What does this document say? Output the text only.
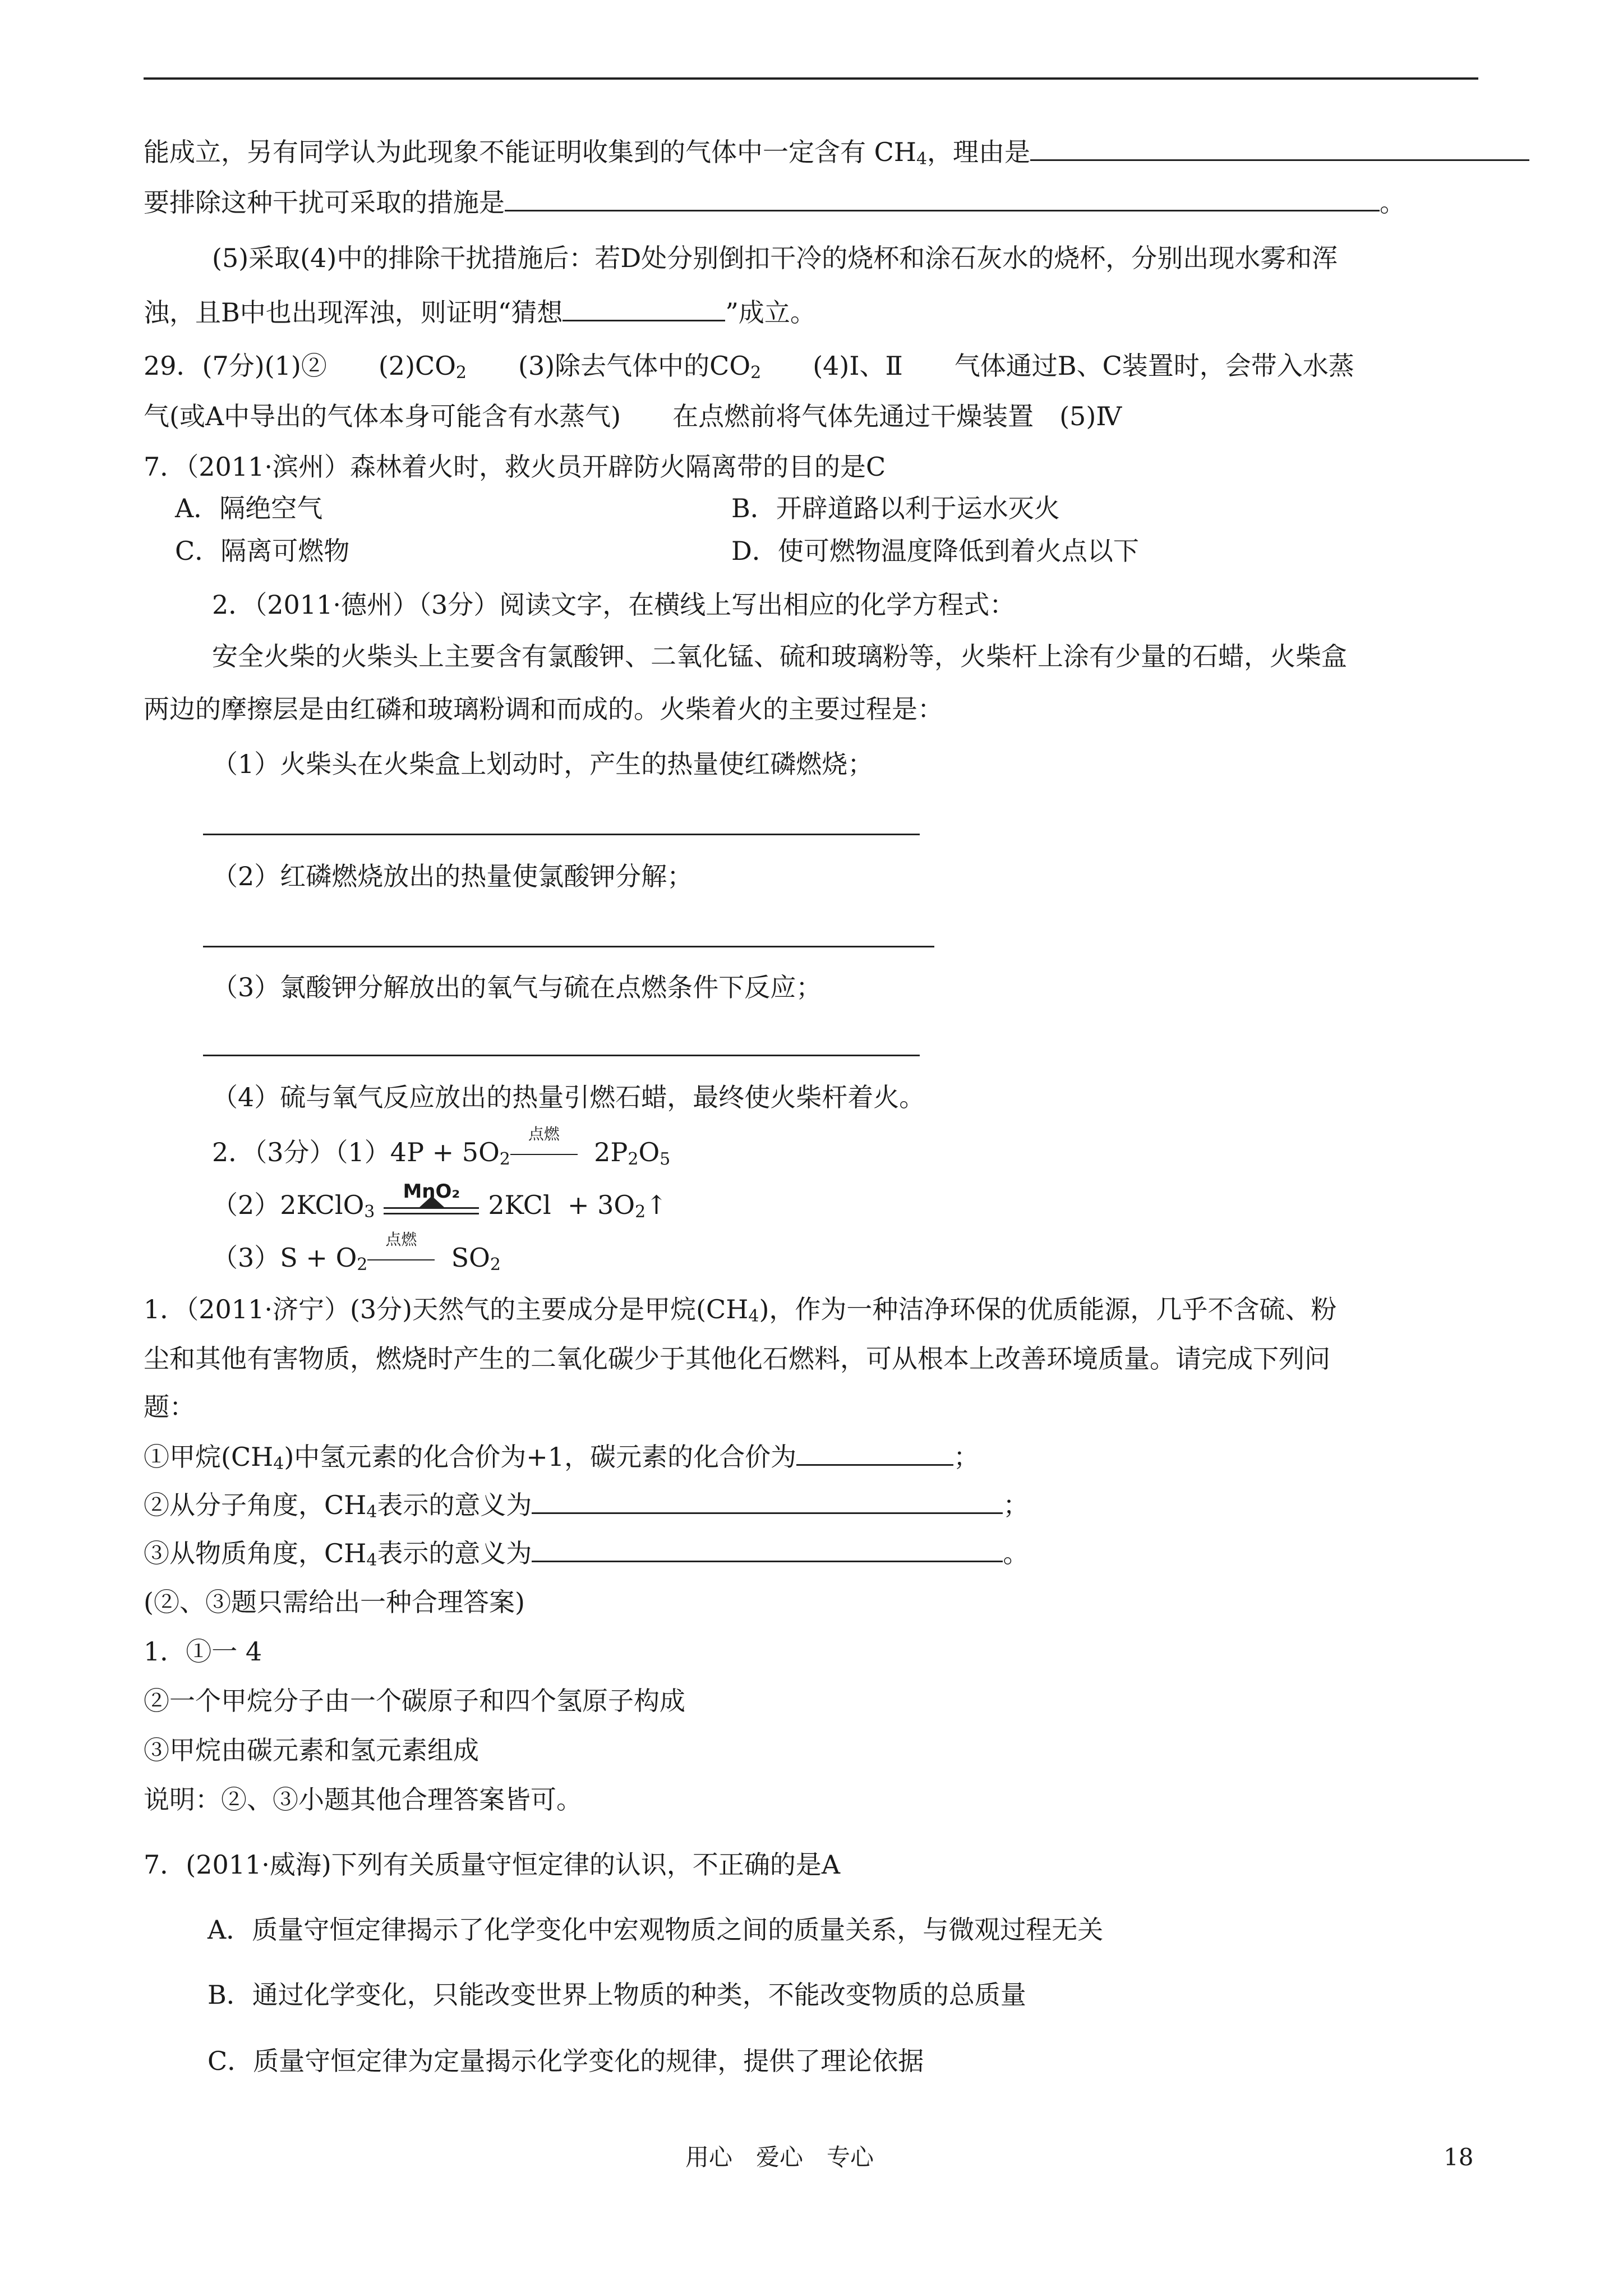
能成立，另有同学认为此现象不能证明收集到的气体中一定含有 $CH_4$，理由是
要排除这种干扰可采取的措施是	。
(5)采取(4)中的排除干扰措施后：若D处分别倒扣干冷的烧杯和涂石灰水的烧杯，分别出现水雾和浑
浊，且B中也出现浑浊，则证明“猜想	”成立。
29．(7分)(1)②　　$(2)CO_2$　　(3)除去气体中的$CO_2$　　(4)Ⅰ、Ⅱ　　气体通过B、C装置时，会带入水蒸
气(或A中导出的气体本身可能含有水蒸气)　　在点燃前将气体先通过干燥装置　(5)Ⅳ
7．（2011·滨州）森林着火时，救火员开辟防火隔离带的目的是C
A．隔绝空气	B．开辟道路以利于运水灭火
C．隔离可燃物	D．使可燃物温度降低到着火点以下
2．（2011·德州）（3分）阅读文字，在横线上写出相应的化学方程式：
安全火柴的火柴头上主要含有氯酸钾、二氧化锰、硫和玻璃粉等，火柴杆上涂有少量的石蜡，火柴盒
两边的摩擦层是由红磷和玻璃粉调和而成的。火柴着火的主要过程是：
（1）火柴头在火柴盒上划动时，产生的热量使红磷燃烧；
（2）红磷燃烧放出的热量使氯酸钾分解；
（3）氯酸钾分解放出的氧气与硫在点燃条件下反应；
（4）硫与氧气反应放出的热量引燃石蜡，最终使火柴杆着火。
2．（3分）$(1)4P + 5O_2$
点燃
$2P_2O_5$
（2）2KClO$_3$
MnO₂	$2KCl + 3O_2↑$
$(3)S + O_2$
点燃
$SO_2$
1．（2011·济宁）(3分)天然气的主要成分是甲烷$(CH_4)$，作为一种洁净环保的优质能源，几乎不含硫、粉
尘和其他有害物质，燃烧时产生的二氧化碳少于其他化石燃料，可从根本上改善环境质量。请完成下列问
题：
①甲烷$(CH_4)$中氢元素的化合价为+1，碳元素的化合价为	；
②从分子角度，$CH_4$表示的意义为	；
③从物质角度，$CH_4$表示的意义为	。
(②、③题只需给出一种合理答案)
1．①一 4
②一个甲烷分子由一个碳原子和四个氢原子构成
③甲烷由碳元素和氢元素组成
说明：②、③小题其他合理答案皆可。
7．(2011·威海)下列有关质量守恒定律的认识，不正确的是A
A．质量守恒定律揭示了化学变化中宏观物质之间的质量关系，与微观过程无关
B．通过化学变化，只能改变世界上物质的种类，不能改变物质的总质量
C．质量守恒定律为定量揭示化学变化的规律，提供了理论依据
用心　爱心　专心	18
